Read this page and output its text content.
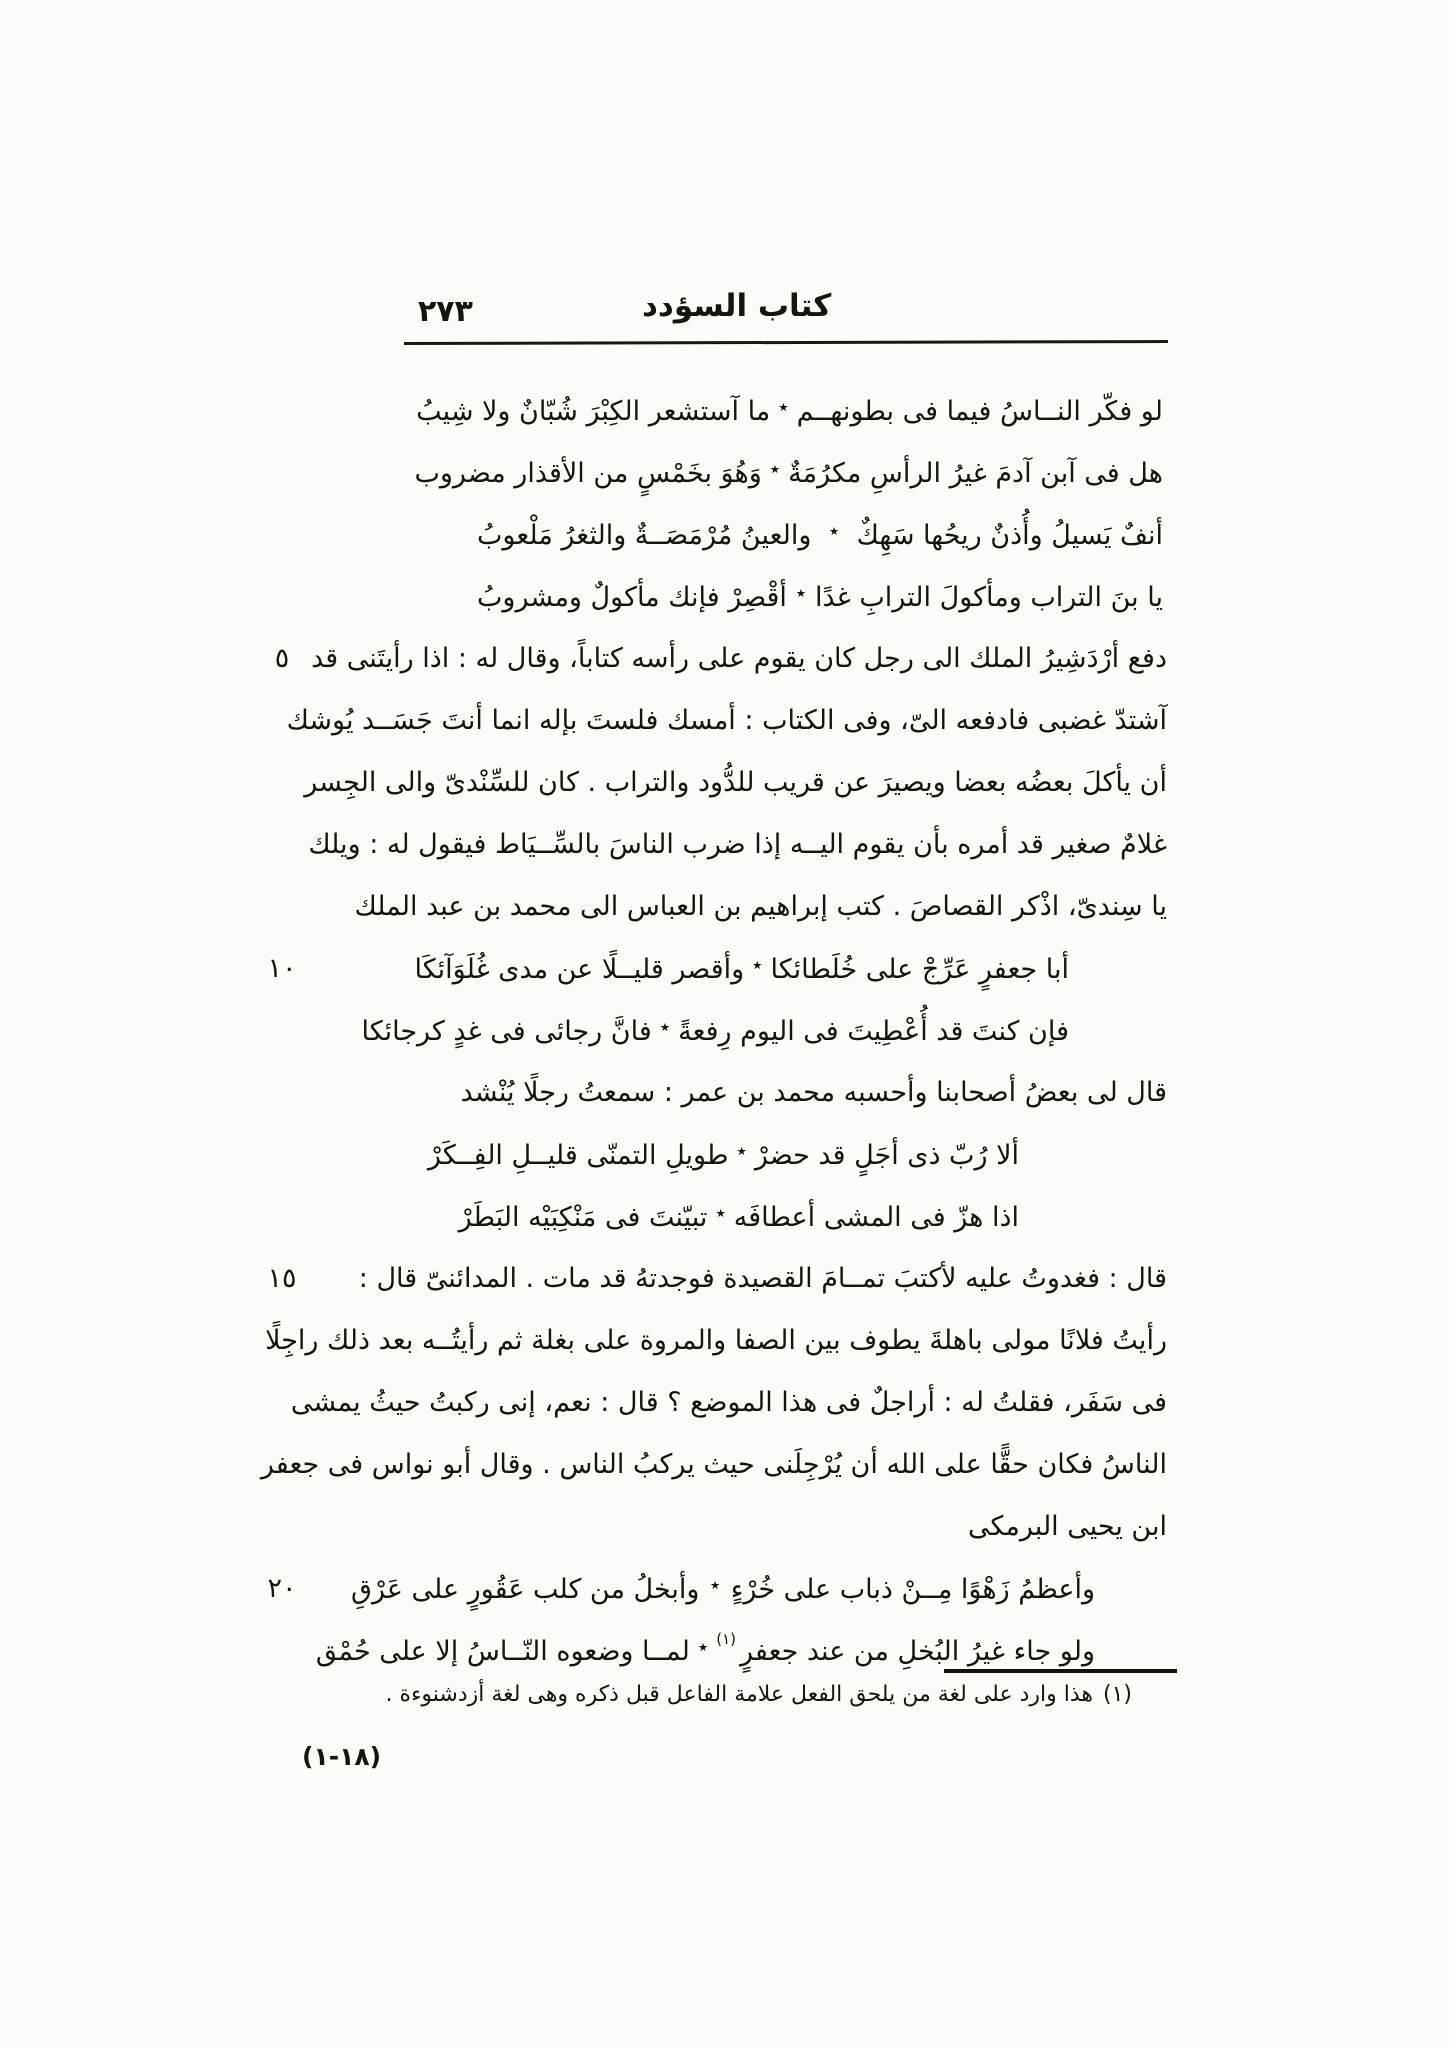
كتاب السؤدد
٢٧٣
٥
١٠
١٥
٢٠
لو فكّر النــاسُ فيما فى بطونهــم
٭
ما آستشعر الكِبْرَ شُبّانٌ ولا شِيبُ
هل فى آبن آدمَ غيرُ الرأسِ مكرُمَةٌ
٭
وَهُوَ بخَمْسٍ من الأقذار مضروب
أنفٌ يَسيلُ وأُذنٌ ريحُها سَهِكٌ
٭
والعينُ مُرْمَصَــةٌ والثغرُ مَلْعوبُ
يا بنَ التراب ومأكولَ الترابِ غدًا
٭
أقْصِرْ فإنك مأكولٌ ومشروبُ
دفع أرْدَشِيرُ الملك الى رجل كان يقوم على رأسه كتاباً، وقال له : اذا رأيتَنى قد
آشتدّ غضبى فادفعه الىّ، وفى الكتاب : أمسك فلستَ بإله انما أنتَ جَسَــد يُوشك
أن يأكلَ بعضُه بعضا ويصيرَ عن قريب للدُّود والتراب . كان للسِّنْدىّ والى الجِسر
غلامٌ صغير قد أمره بأن يقوم اليــه إذا ضرب الناسَ بالسِّــيَاط فيقول له : ويلك
يا سِندىّ، اذْكر القصاصَ . كتب إبراهيم بن العباس الى محمد بن عبد الملك
أبا جعفرٍ عَرِّجْ على خُلَطائكا
٭
وأقصر قليــلًا عن مدى غُلَوَآئكَا
فإن كنتَ قد أُعْطِيتَ فى اليوم رِفعةً
٭
فانَّ رجائى فى غدٍ كرجائكا
قال لى بعضُ أصحابنا وأحسبه محمد بن عمر : سمعتُ رجلًا يُنْشد
ألا رُبّ ذى أجَلٍ قد حضرْ
٭
طويلِ التمنّى قليــلِ الفِــكَرْ
اذا هزّ فى المشى أعطافَه
٭
تبيّنتَ فى مَنْكِبَيْه البَطَرْ
قال : فغدوتُ عليه لأكتبَ تمــامَ القصيدة فوجدتهُ قد مات . المدائنىّ قال :
رأيتُ فلانًا مولى باهلةَ يطوف بين الصفا والمروة على بغلة ثم رأيتُــه بعد ذلك راجِلًا
فى سَفَر، فقلتُ له : أراجلٌ فى هذا الموضع ؟ قال : نعم، إنى ركبتُ حيثُ يمشى
الناسُ فكان حقًّا على الله أن يُرْجِلَنى حيث يركبُ الناس . وقال أبو نواس فى جعفر
ابن يحيى البرمكى
وأعظمُ زَهْوًا مِــنْ ذباب على خُرْءٍ
٭
وأبخلُ من كلب عَقُورٍ على عَرْقِ
ولو جاء غيرُ البُخلِ من عند جعفرٍ$^{(١)}$
٭
لمــا وضعوه النّــاسُ إلا على حُمْق
(١)هذا وارد على لغة من يلحق الفعل علامة الفاعل قبل ذكره وهى لغة أزدشنوءة .
(١٨-١)
